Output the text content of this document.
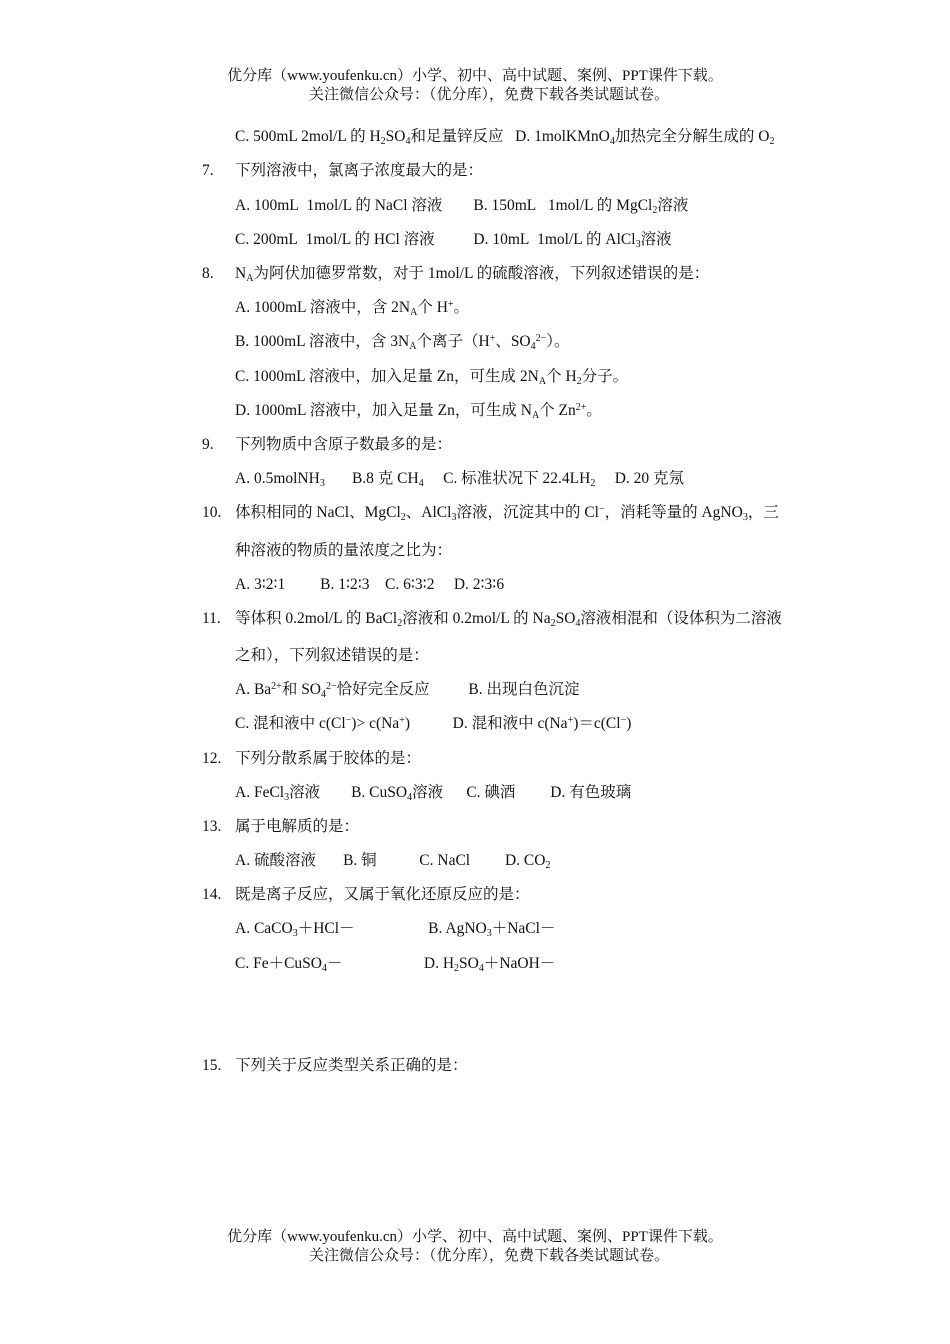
优分库（www.youfenku.cn）小学、初中、高中试题、案例、PPT课件下载。
关注微信公众号：（优分库），免费下载各类试题试卷。
C. 500mL 2mol/L 的 $H_2SO_4$和足量锌反应   D. 1molKMnO$_4$加热完全分解生成的 $O_2$
7. 下列溶液中，氯离子浓度最大的是：
A. 100mL  1mol/L 的 NaCl 溶液        B. 150mL   1mol/L 的 MgCl$_2$溶液
C. 200mL  1mol/L 的 HCl 溶液          D. 10mL  1mol/L 的 AlCl$_3$溶液
8. $N_A$为阿伏加德罗常数，对于 1mol/L 的硫酸溶液，下列叙述错误的是：
A. 1000mL 溶液中，含 $2N_A$个 H+。
B. 1000mL 溶液中，含 $3N_A$个离子（H+、$SO_4^{2-}$）。
C. 1000mL 溶液中，加入足量 Zn，可生成 $2N_A$个 $H_2$分子。
D. 1000mL 溶液中，加入足量 Zn，可生成 $N_A$个 $Zn^{2+}$。
9. 下列物质中含原子数最多的是：
A. 0.5molNH$_3$       B.8 克 $CH_4$     C. 标准状况下 $22.4LH_2$     D. 20 克氖
10. 体积相同的 NaCl、MgCl$_2$、AlCl$_3$溶液，沉淀其中的 Cl−，消耗等量的 AgNO$_3$，三
种溶液的物质的量浓度之比为：
A. 3∶2∶1         B. 1∶2∶3    C. 6∶3∶2     D. 2∶3∶6
11. 等体积 0.2mol/L 的 BaCl$_2$溶液和 0.2mol/L 的 $Na_2SO_4$溶液相混和（设体积为二溶液
之和），下列叙述错误的是：
A. $Ba^{2+}$和 $SO_4^{2-}$恰好完全反应          B. 出现白色沉淀
C. 混和液中 c(Cl−)> c(Na+)           D. 混和液中 c(Na+)＝c(Cl−)
12. 下列分散系属于胶体的是：
A. FeCl$_3$溶液        B. CuSO$_4$溶液      C. 碘酒         D. 有色玻璃
13. 属于电解质的是：
A. 硫酸溶液       B. 铜           C. NaCl         D. $CO_2$
14. 既是离子反应，又属于氧化还原反应的是：
A. CaCO$_3$＋HCl－                   B. AgNO$_3$＋NaCl－
C. Fe＋CuSO$_4$－                     D. $H_2SO_4+NaOH-$
15. 下列关于反应类型关系正确的是：
优分库（www.youfenku.cn）小学、初中、高中试题、案例、PPT课件下载。
关注微信公众号：（优分库），免费下载各类试题试卷。
